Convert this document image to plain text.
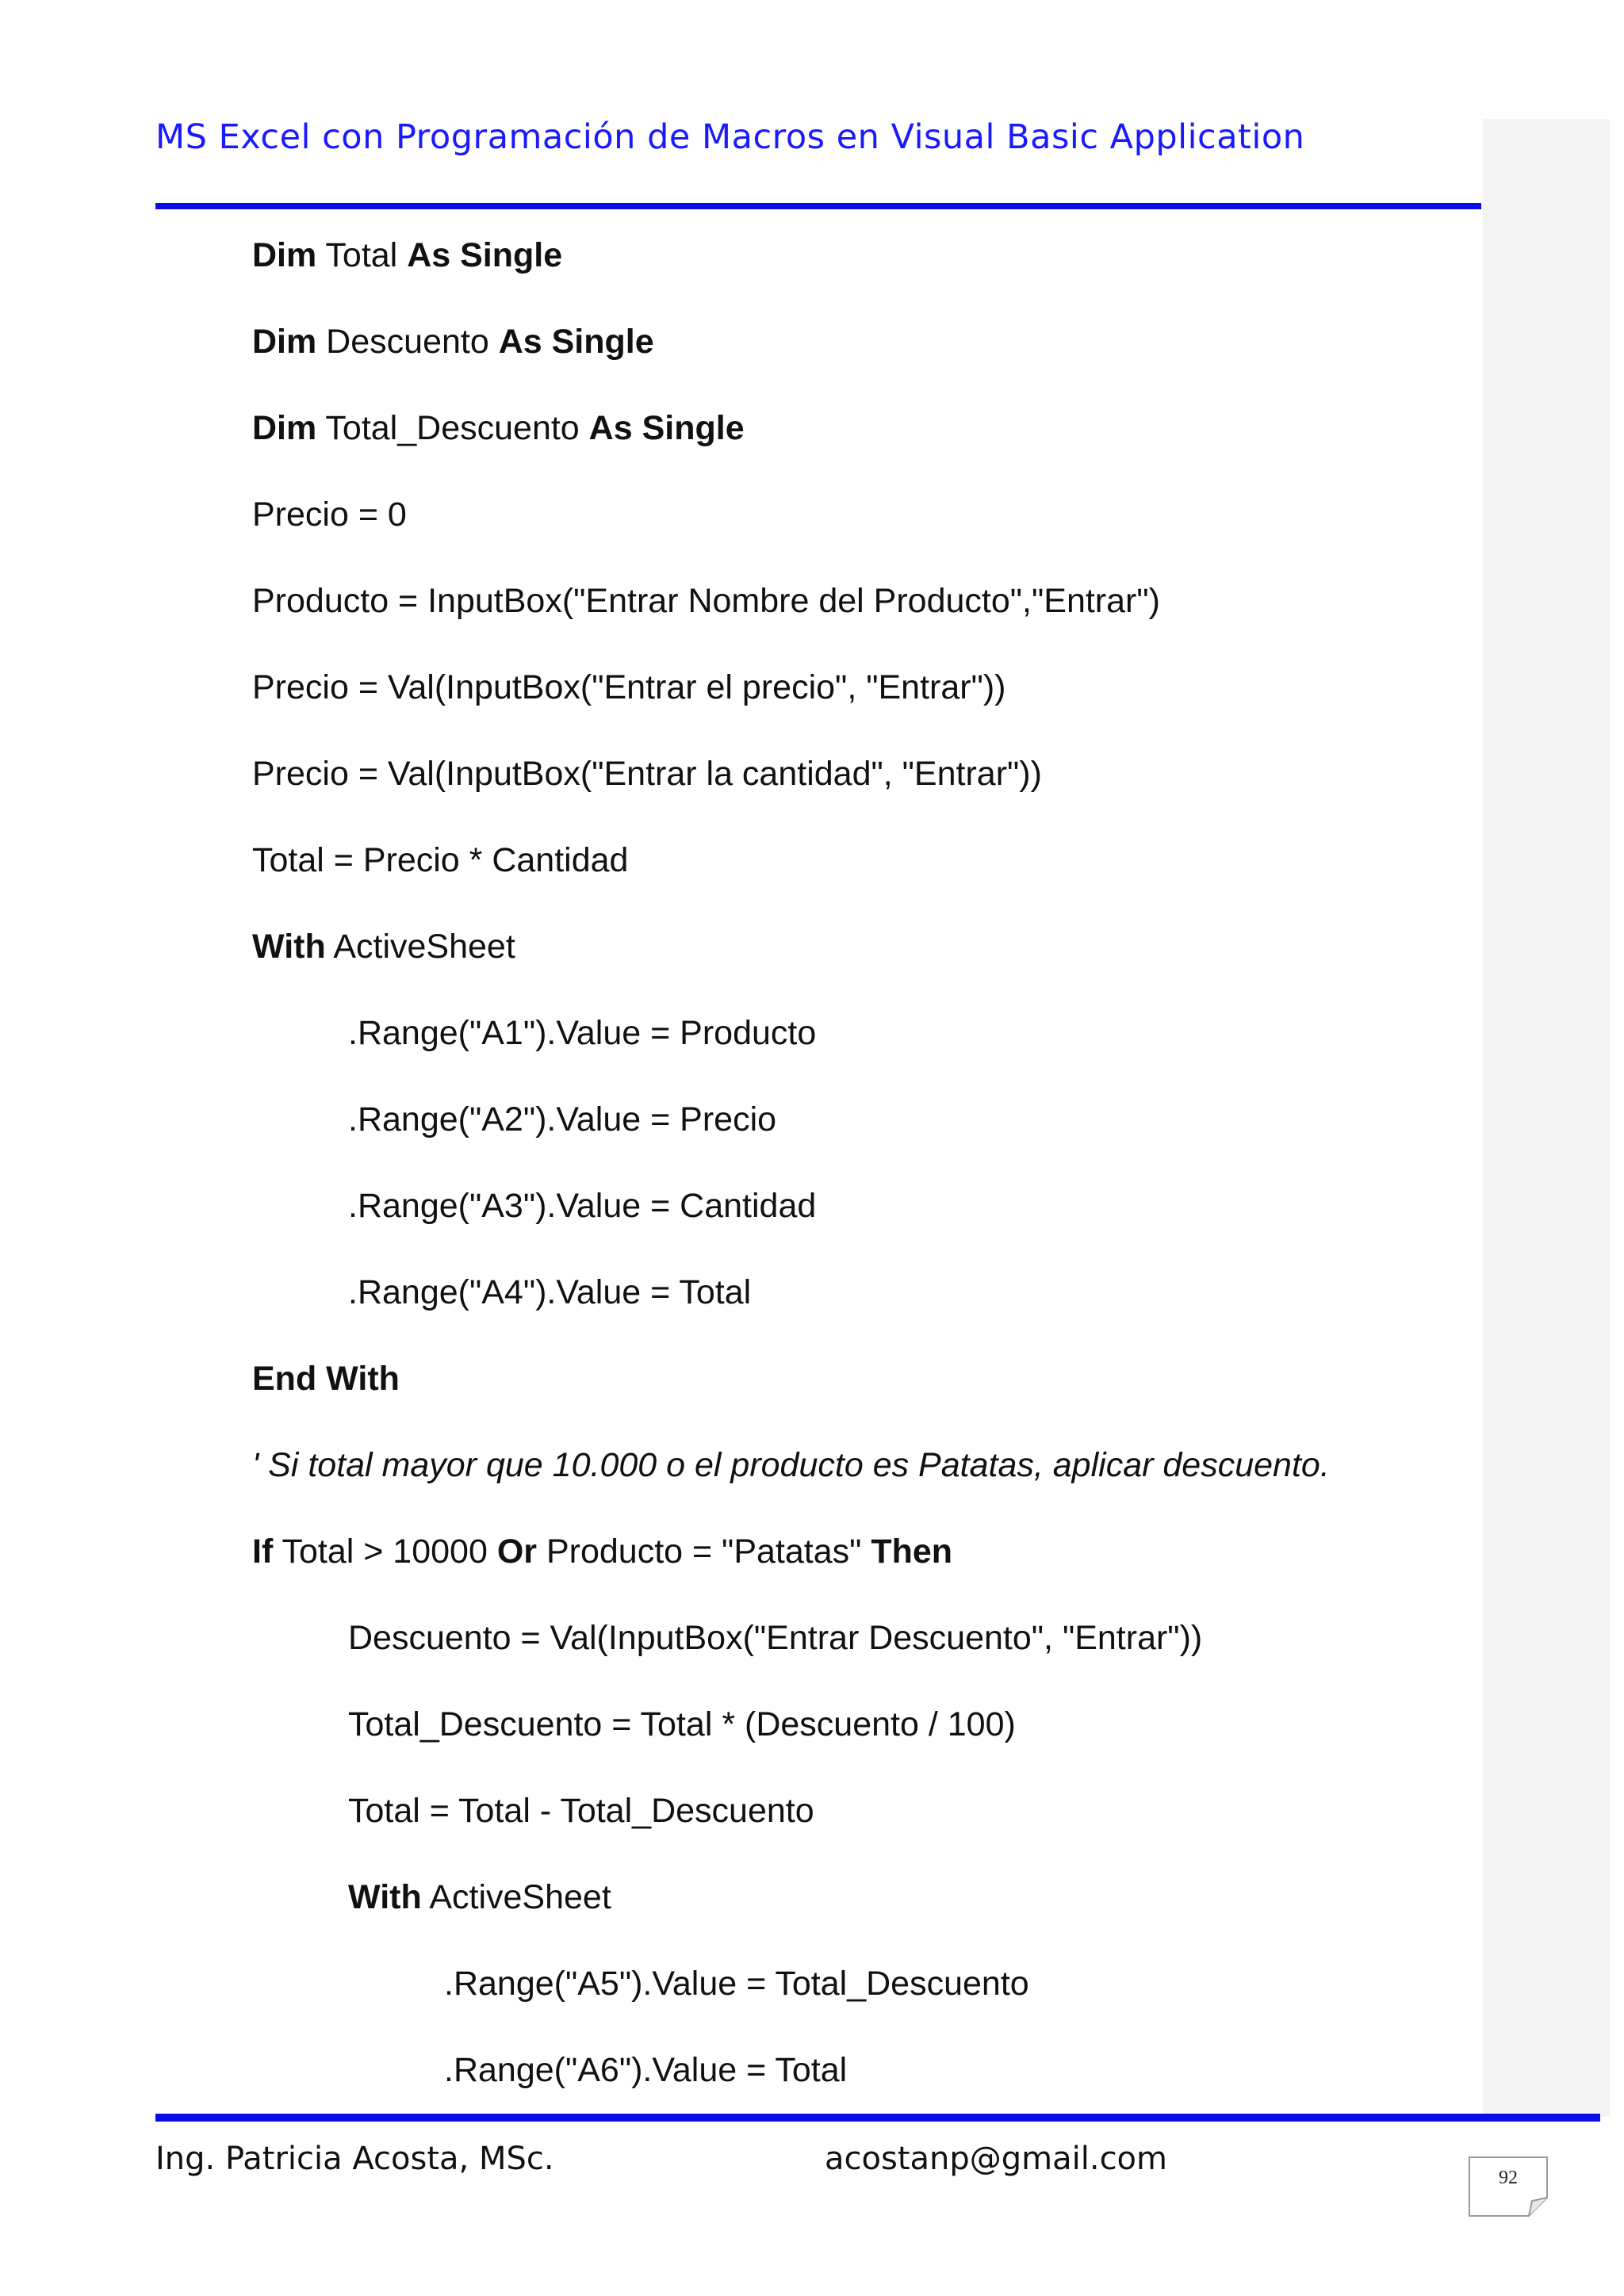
MS Excel con Programación de Macros en Visual Basic Application
Dim Total As Single
Dim Descuento As Single
Dim Total_Descuento As Single
Precio = 0
Producto = InputBox("Entrar Nombre del Producto","Entrar")
Precio = Val(InputBox("Entrar el precio", "Entrar"))
Precio = Val(InputBox("Entrar la cantidad", "Entrar"))
Total = Precio * Cantidad
With ActiveSheet
.Range("A1").Value = Producto
.Range("A2").Value = Precio
.Range("A3").Value = Cantidad
.Range("A4").Value = Total
End With
' Si total mayor que 10.000 o el producto es Patatas, aplicar descuento.
If Total > 10000 Or Producto = "Patatas" Then
Descuento = Val(InputBox("Entrar Descuento", "Entrar"))
Total_Descuento = Total * (Descuento / 100)
Total = Total - Total_Descuento
With ActiveSheet
.Range("A5").Value = Total_Descuento
.Range("A6").Value = Total
Ing. Patricia Acosta, MSc.	acostanp@gmail.com
92
